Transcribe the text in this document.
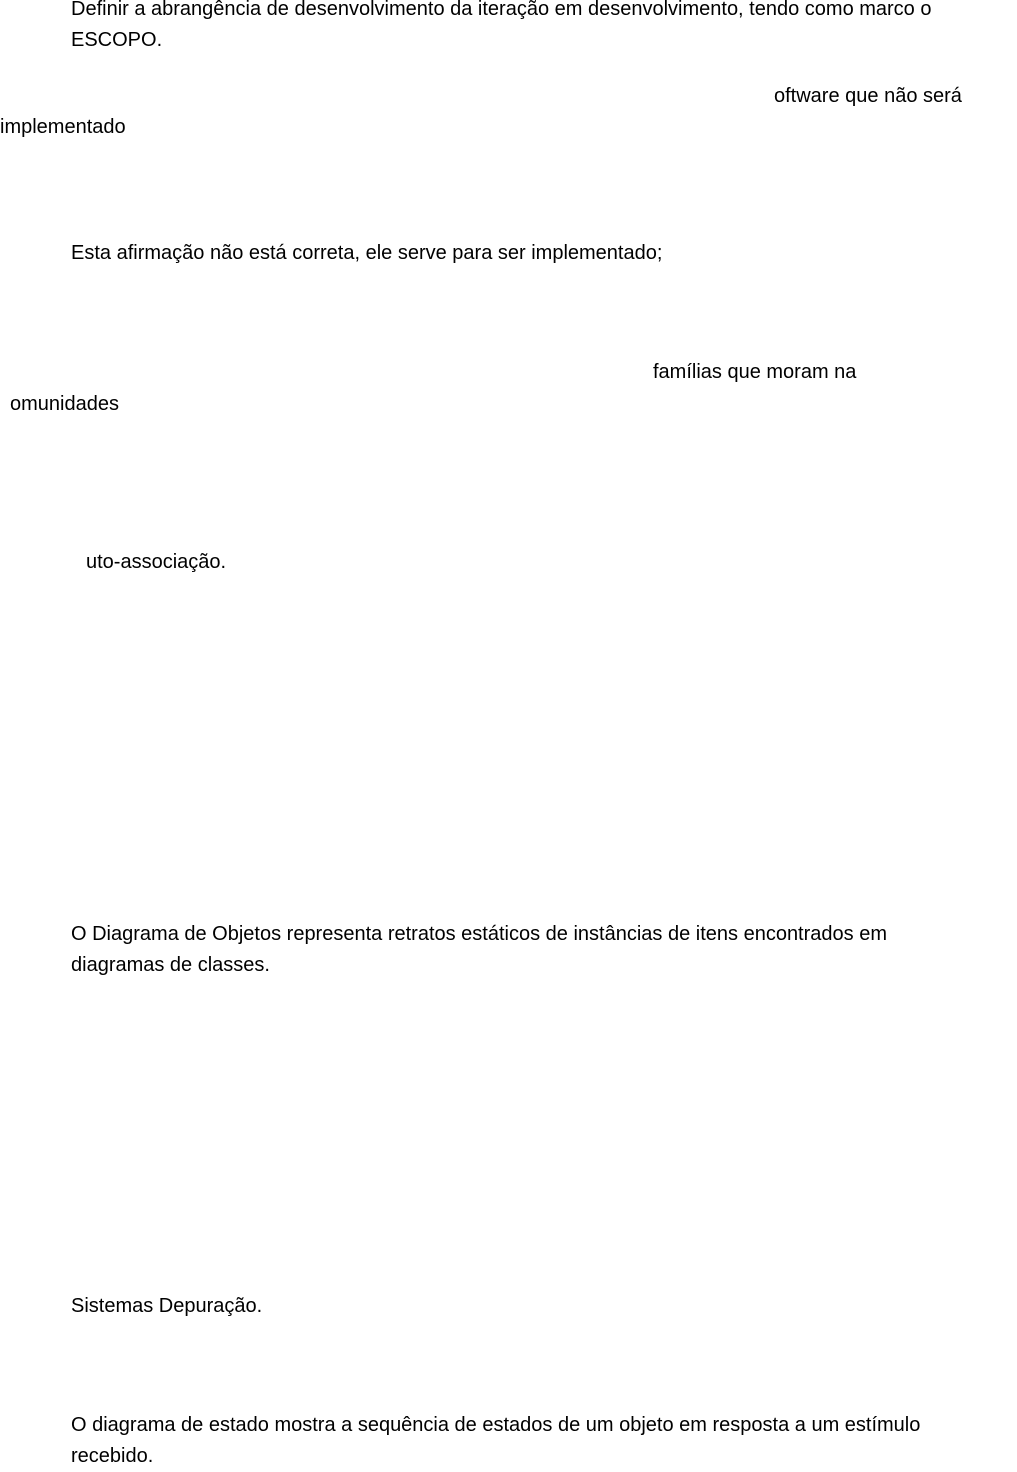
Definir a abrangência de desenvolvimento da iteração em desenvolvimento, tendo como marco o
ESCOPO.

oftware que não será

implementado

Esta afirmação não está correta, ele serve para ser implementado;

famílias que moram na

omunidades

uto-associação.

O Diagrama de Objetos representa retratos estáticos de instâncias de itens encontrados em
diagramas de classes.

Sistemas Depuração.

O diagrama de estado mostra a sequência de estados de um objeto em resposta a um estímulo
recebido.
